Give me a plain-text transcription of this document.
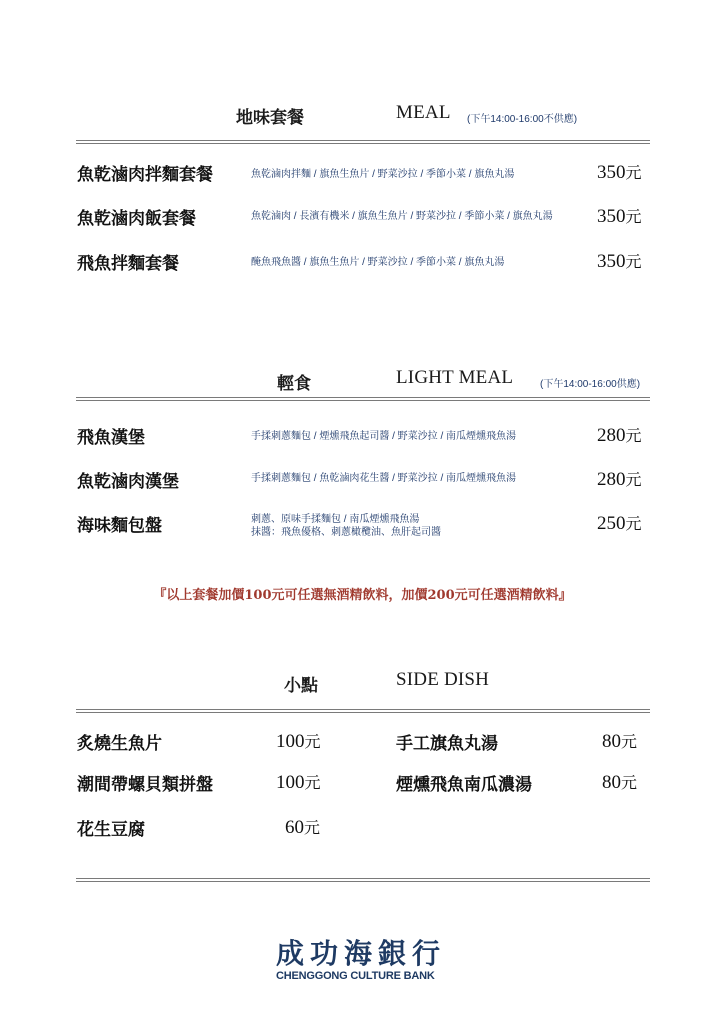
地味套餐	MEAL (下午14:00-16:00不供應)
魚乾滷肉拌麵套餐	魚乾滷肉拌麵 / 旗魚生魚片 / 野菜沙拉 / 季節小菜 / 旗魚丸湯	350元
魚乾滷肉飯套餐	魚乾滷肉 / 長濱有機米 / 旗魚生魚片 / 野菜沙拉 / 季節小菜 / 旗魚丸湯 350元
飛魚拌麵套餐	醃魚飛魚醬 / 旗魚生魚片 / 野菜沙拉 / 季節小菜 / 旗魚丸湯	350元
輕食	LIGHT MEAL	(下午14:00-16:00供應)
飛魚漢堡	手揉刺蔥麵包 / 煙燻飛魚起司醬 / 野菜沙拉 / 南瓜煙燻飛魚湯	280元
魚乾滷肉漢堡	手揉刺蔥麵包 / 魚乾滷肉花生醬 / 野菜沙拉 / 南瓜煙燻飛魚湯	280元
海味麵包盤	刺蔥、原味手揉麵包 / 南瓜煙燻飛魚湯
抹醬：飛魚優格、刺蔥橄欖油、魚肝起司醬	250元
『以上套餐加價100元可任選無酒精飲料，加價200元可任選酒精飲料』
小點	SIDE DISH
炙燒生魚片	100元	手工旗魚丸湯	80元
潮間帶螺貝類拼盤	100元	煙燻飛魚南瓜濃湯	80元
花生豆腐	60元
成功海銀行
CHENGGONG CULTURE BANK
